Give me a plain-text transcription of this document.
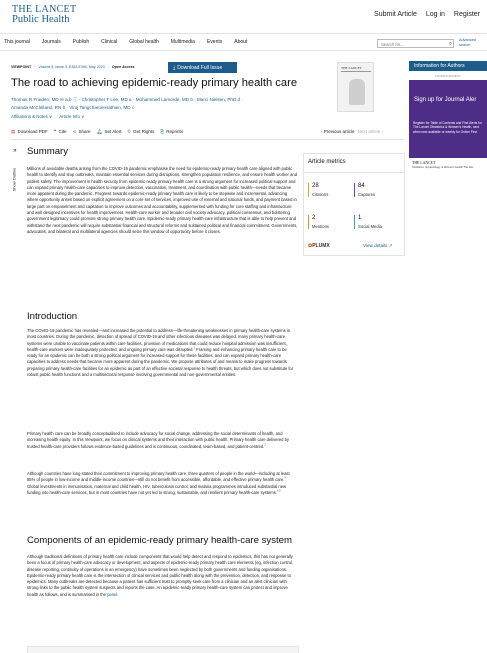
THE LANCET
Public Health	Submit Article Log in Register
This journal Journals Publish Clinical Global health Multimedia Events About	Search for...	⌕
Advanced search
Information for Authors
ADVERTISEMENT
Sign up for Journal Aler
Register for Table of Contents and First Alerts for The Lancet Obstetrics & Women's Health, sent when new available or weekly for Online First
THE LANCET
Obstetrics, Gynaecology, & Women's Health The lanc
VIEWPOINT · Volume 8, Issue 5, E383-E390, May 2023 · Open Access	⤓ Download Full Issue	THE LANCET
The road to achieving epidemic-ready primary health care
Thomas R Frieden, MD ✉︎ a,b ⓘ · Christopher T Lee, MD a · Mohammed Lamorde, MD b · Marci Nielsen, PhD d ·
Amanda McClelland, RN b · Viroj Tangcharoensathien, MD c
Affiliations & Notes ∨ Article Info ∨
▤ Download PDF ❝ Cite ⋖ Share 🔔︎ Set Alert © Get Rights ⎘ Reprints	‹ Previous article Next article ›
»
Show Outline
Summary
Millions of avoidable deaths arising from the COVID-19 pandemic emphasise the need for epidemic-ready primary health care aligned with public health to identify and stop outbreaks, maintain essential services during disruptions, strengthen population resilience, and ensure health worker and patient safety. The improvement in health security from epidemic-ready primary health care is a strong argument for increased political support and can expand primary health-care capacities to improve detection, vaccination, treatment, and coordination with public health—needs that became more apparent during the pandemic. Progress towards epidemic-ready primary health care is likely to be stepwise and incremental, advancing where opportunity arises based on explicit agreement on a core set of services, improved use of external and national funds, and payment based in large part on empanelment and capitation to improve outcomes and accountability, supplemented with funding for core staffing and infrastructure and well designed incentives for health improvement. Health-care worker and broader civil society advocacy, political consensus, and bolstering government legitimacy could promote strong primary health care. Epidemic-ready primary health-care infrastructure that is able to help prevent and withstand the next pandemic will require substantial financial and structural reforms and sustained political and financial commitment. Governments, advocates, and bilateral and multilateral agencies should seize this window of opportunity before it closes.
Article metrics
28
Citations
84
Captures
2
Mentions
1
Social Media
✿PLUMX	View details ↗
Introduction
The COVID-19 pandemic has revealed—and increased the potential to address—life-threatening weaknesses in primary health-care systems in most countries. During the pandemic, detection of spread of COVID-19 and other infectious diseases was delayed, many primary health-care systems were unable to vaccinate patients within care facilities, provision of medications that could reduce hospital admission was insufficient, health-care workers were inadequately protected, and ongoing primary care was disrupted.$^1$ Framing and enhancing primary health care to be ready for an epidemic can be both a strong political argument for increased support for these facilities, and can expand primary health-care capacities to address needs that became more apparent during the pandemic. We propose attributes of and means to make progress towards preparing primary health-care facilities for an epidemic as part of an effective societal response to health threats, but which does not substitute for robust public health functions and a multisectoral response involving governmental and non-governmental entities.
Primary health care can be broadly conceptualised to include advocacy for social change, addressing the social determinants of health, and increasing health equity. In this Viewpoint, we focus on clinical systems and their interaction with public health. Primary health care delivered by trusted health-care providers follows evidence-based guidelines and is continuous, coordinated, team-based, and patient-centred.$^2$
Although countries have long stated their commitment to improving primary health care, three quarters of people in the world—including at least 85% of people in low-income and middle-income countries—still do not benefit from accessible, affordable, and effective primary health care.$^3$ Global investments in immunisation, maternal and child health, HIV, tuberculosis control, and malaria programmes introduced substantial new funding into health-care services, but in most countries have not yet led to strong, sustainable, and resilient primary health-care systems.$^{4,5}$
Components of an epidemic-ready primary health-care system
Although traditional definitions of primary health care include components that would help detect and respond to epidemics, this has not generally been a focus of primary health-care advocacy or development, and aspects of epidemic-ready primary health care elements (eg, infection control, disease reporting, continuity of operations in an emergency) have sometimes been neglected by both governments and funding organisations. Epidemic-ready primary health care is the intersection of clinical services and public health along with the prevention, detection, and response to epidemics. Many outbreaks are detected because a patient has sufficient trust to promptly seek care from a clinician and an alert clinician with strong links to the public health system suspects and reports the case. An epidemic-ready primary health-care system can protect and improve health as follows, and is summarised in the panel.
